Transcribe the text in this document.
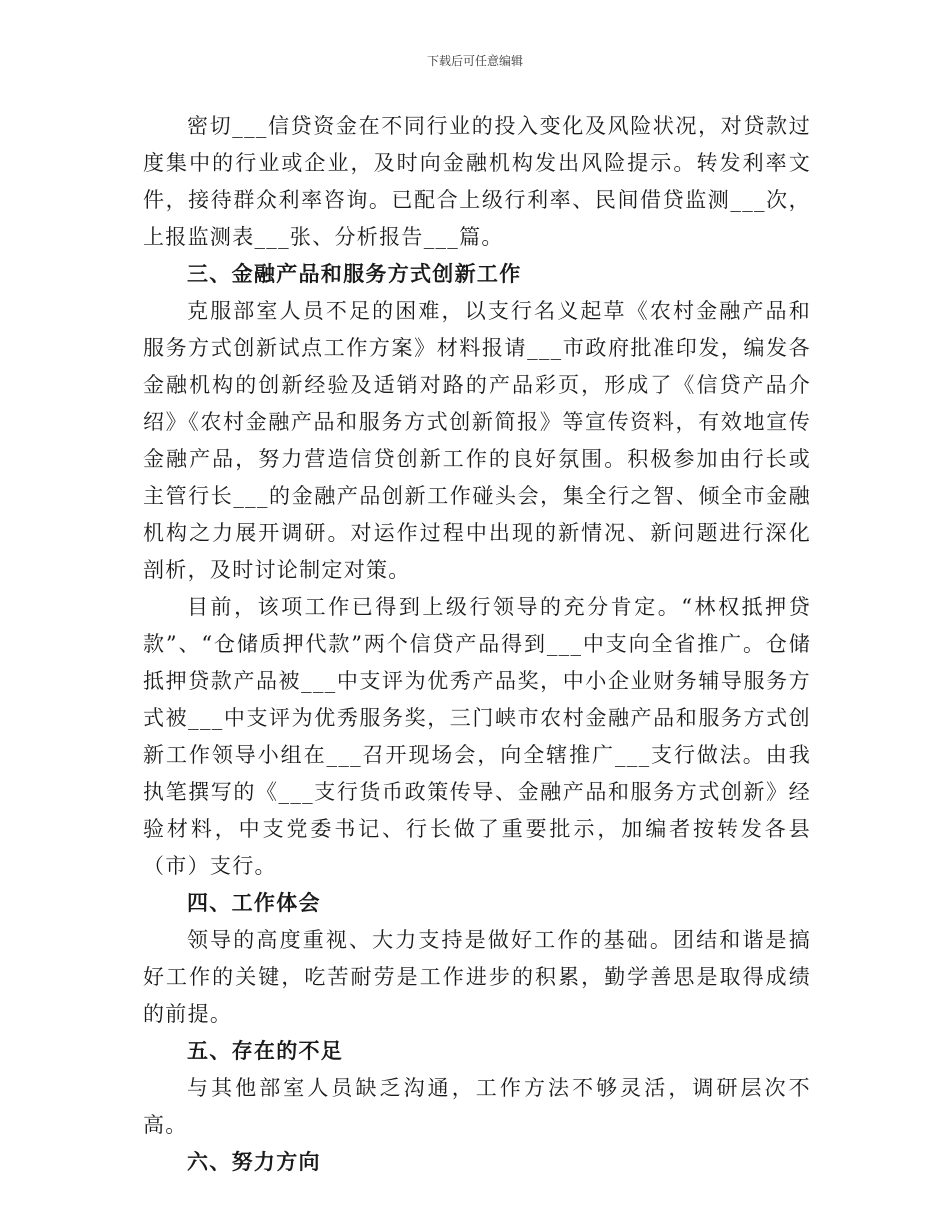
下载后可任意编辑

密切___信贷资金在不同行业的投入变化及风险状况，对贷款过度集中的行业或企业，及时向金融机构发出风险提示。转发利率文件，接待群众利率咨询。已配合上级行利率、民间借贷监测___次，上报监测表___张、分析报告___篇。

三、金融产品和服务方式创新工作

克服部室人员不足的困难，以支行名义起草《农村金融产品和服务方式创新试点工作方案》材料报请___市政府批准印发，编发各金融机构的创新经验及适销对路的产品彩页，形成了《信贷产品介绍》《农村金融产品和服务方式创新简报》等宣传资料，有效地宣传金融产品，努力营造信贷创新工作的良好氛围。积极参加由行长或主管行长___的金融产品创新工作碰头会，集全行之智、倾全市金融机构之力展开调研。对运作过程中出现的新情况、新问题进行深化剖析，及时讨论制定对策。

目前，该项工作已得到上级行领导的充分肯定。“林权抵押贷款”、“仓储质押代款”两个信贷产品得到___中支向全省推广。仓储抵押贷款产品被___中支评为优秀产品奖，中小企业财务辅导服务方式被___中支评为优秀服务奖，三门峡市农村金融产品和服务方式创新工作领导小组在___召开现场会，向全辖推广___支行做法。由我执笔撰写的《___支行货币政策传导、金融产品和服务方式创新》经验材料，中支党委书记、行长做了重要批示，加编者按转发各县（市）支行。

四、工作体会

领导的高度重视、大力支持是做好工作的基础。团结和谐是搞好工作的关键，吃苦耐劳是工作进步的积累，勤学善思是取得成绩的前提。

五、存在的不足

与其他部室人员缺乏沟通，工作方法不够灵活，调研层次不高。

六、努力方向
